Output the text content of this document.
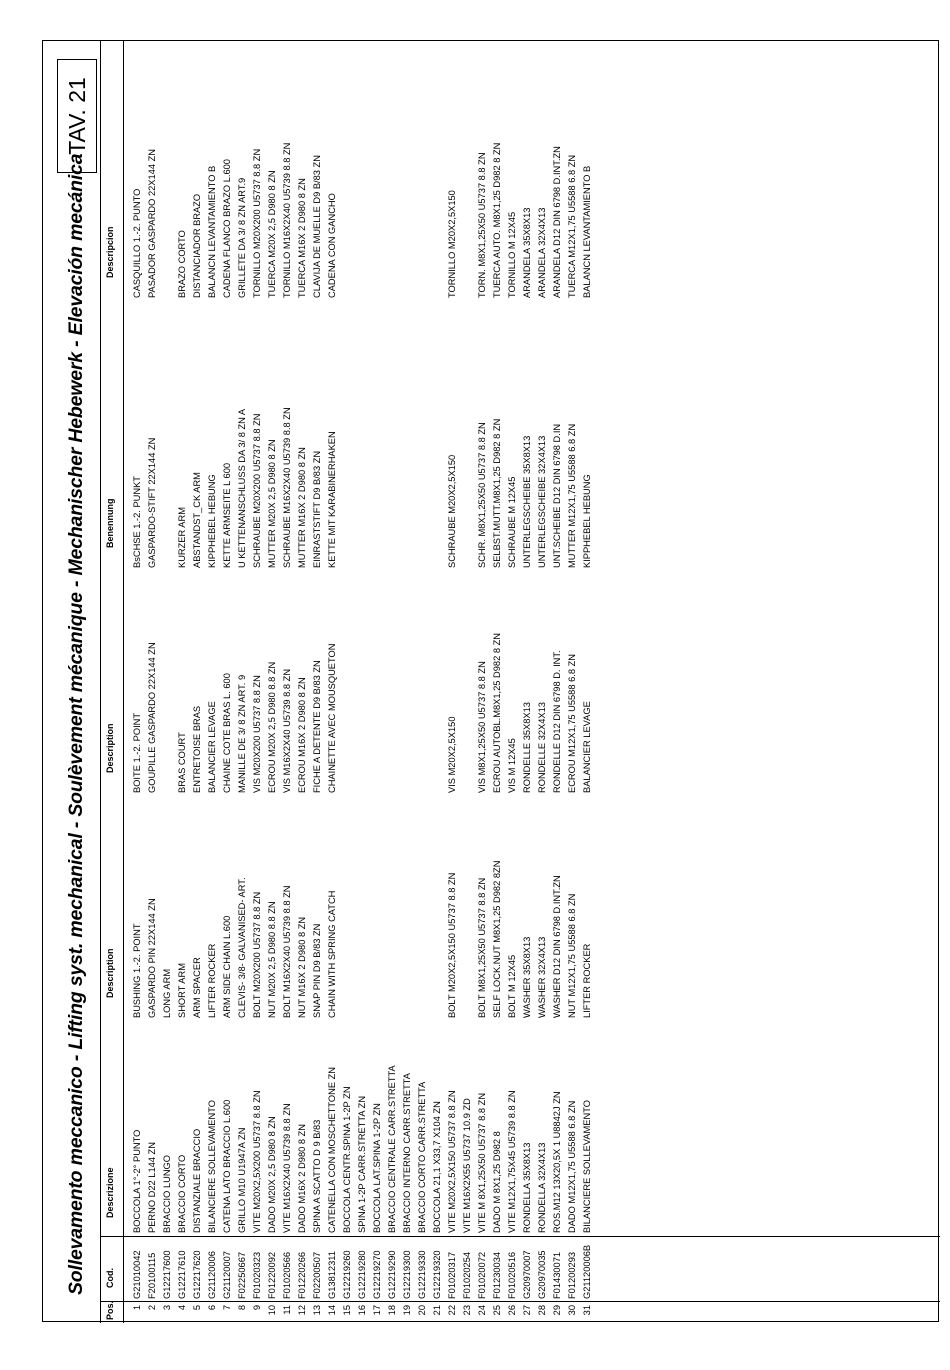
Sollevamento meccanico - Lifting syst. mechanical - Soulèvement mécanique - Mechanischer Hebewerk - Elevación mecánica
TAV. 21
Pos.
Cod.
Descrizione
Description
Description
Benennung
Descripcion
1
G21010042
BOCCOLA 1°-2° PUNTO
BUSHING 1.-2. POINT
BOITE 1.-2. POINT
BsCHSE 1.-2. PUNKT
CASQUILLO 1.-2. PUNTO
2
F20100115
PERNO D22 L144 ZN
GASPARDO PIN 22X144 ZN
GOUPILLE GASPARDO 22X144 ZN
GASPARDO-STIFT 22X144 ZN
PASADOR GASPARDO 22X144 ZN
3
G12217600
BRACCIO LUNGO
LONG ARM
4
G12217610
BRACCIO CORTO
SHORT ARM
BRAS COURT
KURZER ARM
BRAZO CORTO
5
G12217620
DISTANZIALE BRACCIO
ARM SPACER
ENTRETOISE BRAS
ABSTANDST_CK ARM
DISTANCIADOR BRAZO
6
G21120006
BILANCIERE SOLLEVAMENTO
LIFTER ROCKER
BALANCIER LEVAGE
KIPPHEBEL HEBUNG
BALANCN LEVANTAMIENTO B
7
G21120007
CATENA LATO BRACCIO L.600
ARM SIDE CHAIN L.600
CHAINE COTE BRAS L. 600
KETTE ARMSEITE L 600
CADENA FLANCO BRAZO L.600
8
F02250667
GRILLO M10 U1947A ZN
CLEVIS- 3/8- GALVANISED- ART.
MANILLE DE 3/ 8 ZN ART. 9
U KETTENANSCHLUSS DA 3/ 8 ZN A
GRILLETE DA 3/ 8 ZN ART.9
9
F01020323
VITE M20X2,5X200 U5737 8.8 ZN
BOLT M20X200 U5737 8.8 ZN
VIS M20X200 U5737 8.8 ZN
SCHRAUBE M20X200 U5737 8.8 ZN
TORNILLO M20X200 U5737 8.8 ZN
10
F01220092
DADO M20X 2,5 D980 8 ZN
NUT M20X 2,5 D980 8.8 ZN
ECROU M20X 2,5 D980 8.8 ZN
MUTTER M20X 2,5 D980 8 ZN
TUERCA M20X 2,5 D980 8 ZN
11
F01020566
VITE M16X2X40 U5739 8.8 ZN
BOLT M16X2X40 U5739 8.8 ZN
VIS M16X2X40 U5739 8.8 ZN
SCHRAUBE M16X2X40 U5739 8.8 ZN
TORNILLO M16X2X40 U5739 8.8 ZN
12
F01220266
DADO M16X 2 D980 8 ZN
NUT M16X 2 D980 8 ZN
ECROU M16X 2 D980 8 ZN
MUTTER M16X 2 D980 8 ZN
TUERCA M16X 2 D980 8 ZN
13
F02200507
SPINA A SCATTO D 9 B/83
SNAP PIN D9 B/83 ZN
FICHE A DETENTE D9 B/83 ZN
EINRASTSTIFT D9 B/83 ZN
CLAVIJA DE MUELLE D9 B/83 ZN
14
G13812311
CATENELLA CON MOSCHETTONE ZN
CHAIN WITH SPRING CATCH
CHAINETTE AVEC MOUSQUETON
KETTE MIT KARABINERHAKEN
CADENA CON GANCHO
15
G12219260
BOCCOLA CENTR.SPINA 1-2P ZN
16
G12219280
SPINA 1-2P CARR.STRETTA ZN
17
G12219270
BOCCOLA LAT.SPINA 1-2P ZN
18
G12219290
BRACCIO CENTRALE CARR.STRETTA
19
G12219300
BRACCIO INTERNO CARR.STRETTA
20
G12219330
BRACCIO CORTO CARR.STRETTA
21
G12219320
BOCCOLA 21,1 X33,7 X104 ZN
22
F01020317
VITE M20X2,5X150 U5737 8.8 ZN
BOLT M20X2,5X150 U5737 8.8 ZN
VIS M20X2,5X150
SCHRAUBE M20X2,5X150
TORNILLO M20X2,5X150
23
F01020254
VITE M16X2X55 U5737 10.9 ZD
24
F01020072
VITE M 8X1,25X50 U5737 8.8 ZN
BOLT M8X1,25X50 U5737 8.8 ZN
VIS M8X1,25X50 U5737 8.8 ZN
SCHR. M8X1,25X50 U5737 8.8 ZN
TORN. M8X1,25X50 U5737 8.8 ZN
25
F01230034
DADO M 8X1,25 D982 8
SELF LOCK.NUT M8X1,25 D982 8ZN
ECROU AUTOBL.M8X1,25 D982 8 ZN
SELBST.MUTT.M8X1,25 D982 8 ZN
TUERCA AUTO. M8X1,25 D982 8 ZN
26
F01020516
VITE M12X1,75X45 U5739 8.8 ZN
BOLT M 12X45
VIS M 12X45
SCHRAUBE M 12X45
TORNILLO M 12X45
27
G20970007
RONDELLA 35X8X13
WASHER 35X8X13
RONDELLE 35X8X13
UNTERLEGSCHEIBE 35X8X13
ARANDELA 35X8X13
28
G20970035
RONDELLA 32X4X13
WASHER 32X4X13
RONDELLE 32X4X13
UNTERLEGSCHEIBE 32X4X13
ARANDELA 32X4X13
29
F01430071
ROS.M12 13X20,5X 1 U8842J ZN
WASHER D12 DIN 6798 D.INT.ZN
RONDELLE D12 DIN 6798 D. INT.
UNT.SCHEIBE D12 DIN 6798 D.IN
ARANDELA D12 DIN 6798 D.INT.ZN
30
F01200293
DADO M12X1,75 U5588 6.8 ZN
NUT M12X1,75 U5588 6.8 ZN
ECROU M12X1,75 U5588 6.8 ZN
MUTTER M12X1,75 U5588 6.8 ZN
TUERCA M12X1,75 U5588 6.8 ZN
31
G21120006B
BILANCIERE SOLLEVAMENTO
LIFTER ROCKER
BALANCIER LEVAGE
KIPPHEBEL HEBUNG
BALANCN LEVANTAMIENTO B
